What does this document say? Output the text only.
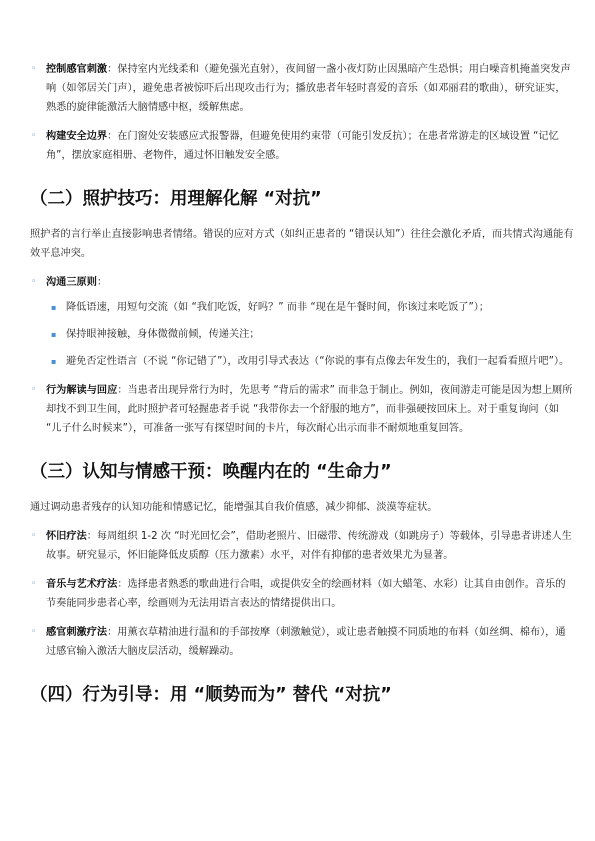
◦ 控制感官刺激：保持室内光线柔和（避免强光直射），夜间留一盏小夜灯防止因黑暗产生恐惧；用白噪音机掩盖突发声响（如邻居关门声），避免患者被惊吓后出现攻击行为；播放患者年轻时喜爱的音乐（如邓丽君的歌曲），研究证实，熟悉的旋律能激活大脑情感中枢，缓解焦虑。
◦ 构建安全边界：在门窗处安装感应式报警器，但避免使用约束带（可能引发反抗）；在患者常游走的区域设置 “记忆角”，摆放家庭相册、老物件，通过怀旧触发安全感。
（二）照护技巧：用理解化解 “对抗”

照护者的言行举止直接影响患者情绪。错误的应对方式（如纠正患者的 “错误认知”）往往会激化矛盾，而共情式沟通能有效平息冲突。

◦ 沟通三原则：
▪ 降低语速，用短句交流（如 “我们吃饭，好吗？” 而非 “现在是午餐时间，你该过来吃饭了”）；
▪ 保持眼神接触，身体微微前倾，传递关注；
▪ 避免否定性语言（不说 “你记错了”），改用引导式表达（“你说的事有点像去年发生的，我们一起看看照片吧”）。
◦ 行为解读与回应：当患者出现异常行为时，先思考 “背后的需求” 而非急于制止。例如，夜间游走可能是因为想上厕所却找不到卫生间，此时照护者可轻握患者手说 “我带你去一个舒服的地方”，而非强硬按回床上。对于重复询问（如 “儿子什么时候来”），可准备一张写有探望时间的卡片，每次耐心出示而非不耐烦地重复回答。
（三）认知与情感干预：唤醒内在的 “生命力”

通过调动患者残存的认知功能和情感记忆，能增强其自我价值感，减少抑郁、淡漠等症状。

◦ 怀旧疗法：每周组织 1-2 次 “时光回忆会”，借助老照片、旧磁带、传统游戏（如跳房子）等载体，引导患者讲述人生故事。研究显示，怀旧能降低皮质醇（压力激素）水平，对伴有抑郁的患者效果尤为显著。
◦ 音乐与艺术疗法：选择患者熟悉的歌曲进行合唱，或提供安全的绘画材料（如大蜡笔、水彩）让其自由创作。音乐的节奏能同步患者心率，绘画则为无法用语言表达的情绪提供出口。
◦ 感官刺激疗法：用薰衣草精油进行温和的手部按摩（刺激触觉），或让患者触摸不同质地的布料（如丝绸、棉布），通过感官输入激活大脑皮层活动，缓解躁动。
（四）行为引导：用 “顺势而为” 替代 “对抗”
